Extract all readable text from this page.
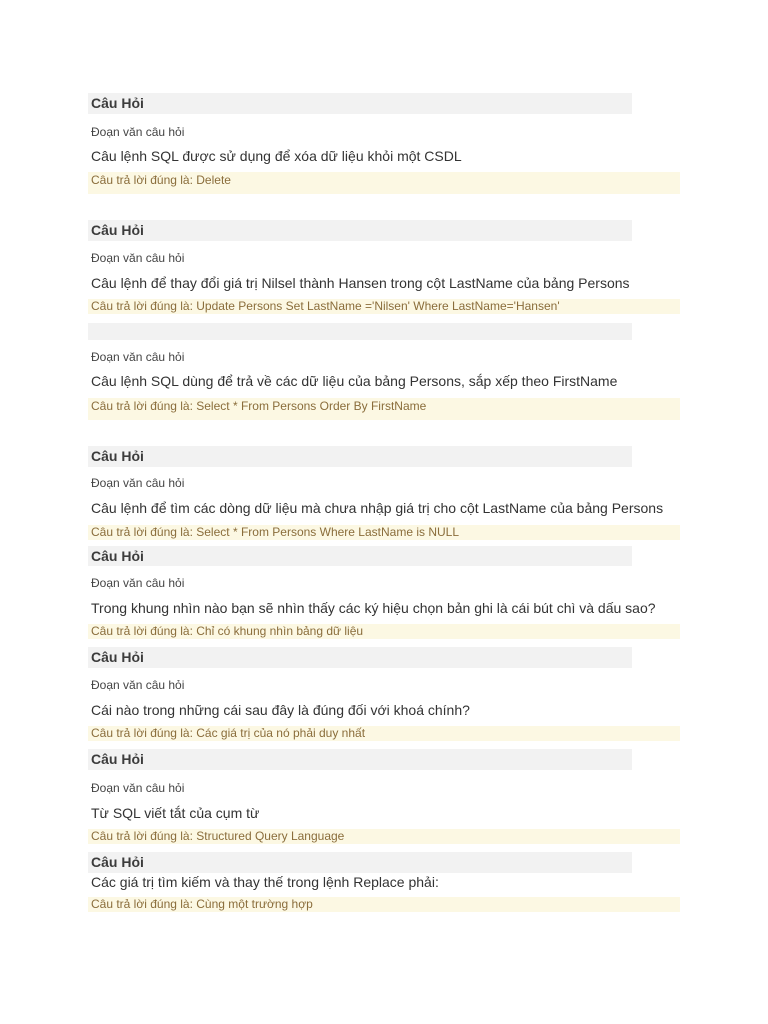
Câu Hỏi
Đoạn văn câu hỏi
Câu lệnh SQL được sử dụng để xóa dữ liệu khỏi một CSDL
Câu trả lời đúng là: Delete
Câu Hỏi
Đoạn văn câu hỏi
Câu lệnh để thay đổi giá trị Nilsel thành Hansen trong cột LastName của bảng Persons
Câu trả lời đúng là: Update Persons Set LastName ='Nilsen' Where LastName='Hansen'
Đoạn văn câu hỏi
Câu lệnh SQL dùng để trả về các dữ liệu của bảng Persons, sắp xếp theo FirstName
Câu trả lời đúng là: Select * From Persons Order By FirstName
Câu Hỏi
Đoạn văn câu hỏi
Câu lệnh để tìm các dòng dữ liệu mà chưa nhập giá trị cho cột LastName của bảng Persons
Câu trả lời đúng là: Select * From Persons Where LastName is NULL
Câu Hỏi
Đoạn văn câu hỏi
Trong khung nhìn nào bạn sẽ nhìn thấy các ký hiệu chọn bản ghi là cái bút chì và dấu sao?
Câu trả lời đúng là: Chỉ có khung nhìn bảng dữ liệu
Câu Hỏi
Đoạn văn câu hỏi
Cái nào trong những cái sau đây là đúng đối với khoá chính?
Câu trả lời đúng là: Các giá trị của nó phải duy nhất
Câu Hỏi
Đoạn văn câu hỏi
Từ SQL viết tắt của cụm từ
Câu trả lời đúng là: Structured Query Language
Câu Hỏi
Các giá trị tìm kiếm và thay thế trong lệnh Replace phải:
Câu trả lời đúng là: Cùng một trường hợp
